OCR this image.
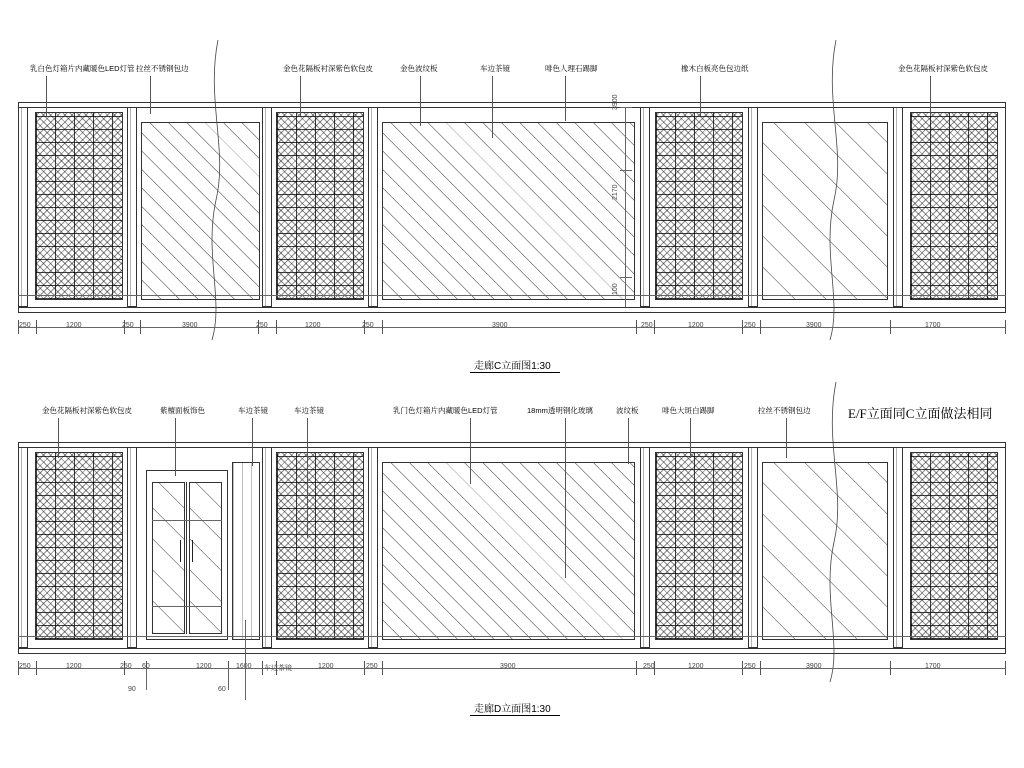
乳白色灯箱片内藏暖色LED灯管 拉丝不锈钢包边	金色花隔板衬深紫色软包皮	金色波纹板	车边茶镜	啡色人理石踢脚	橡木白板亮色包边纸	金色花隔板衬深紫色软包皮
3900
2170
100
250	1200	250	3900	250	1200	250	3900	250	1200	250	3900	1700
走廊C立面图1:30
E/F立面同C立面做法相同
金色花隔板衬深紫色软包皮	紫檀面板饰色	车边茶镜	车边茶镜	乳门色灯箱片内藏暖色LED灯管	18mm透明钢化玻璃	波纹板	啡色大斑白踢脚	拉丝不锈钢包边
250	1200	250 60	1200	1600 车边茶镜	1200	250	3900	250	1200	250	3900	1700
90	60
走廊D立面图1:30
